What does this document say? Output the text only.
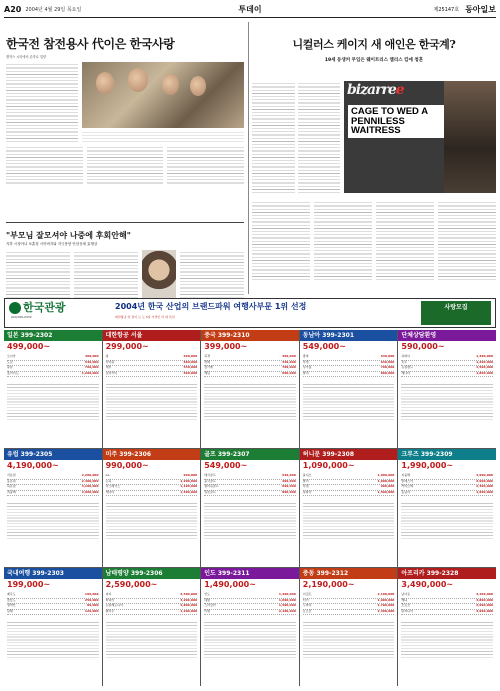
A20 2004년 4월 29일 목요일	투데이	제25147호 동아일보
한국전 참전용사 代이은 한국사랑
캔자스 시티에서 손자로 입양
"부모님 잘모셔야 나중에 후회안해"
지하 시청아나 보훈청 시아버지와 지극봉양 안암상세 효행상
니컬러스 케이지 새 애인은 한국계?
19세 동생커 무입은 웨이트리스 앨리스 킴에 청혼
bizarree
CAGE TO WED A PENNILESS WAITRESS
한국관광
(02)399-2332
2004년 한국 산업의 브랜드파워 여행사부문 1위 선정
대한항공 연 전이 는 도 5록 가격인 덕 대 특선
사랑모집
일본 399-2302
499,000~
오사카	499,000
도쿄	549,000
큐슈	799,000
홋카이도	1,290,000
대한항공 서울
299,000~
괌	599,000
사이판	669,000
세부	540,000
보라카이	699,000
중국 399-2310
399,000~
북경	399,000
상해	449,000
장가계	799,000
계림	690,000
동남아 399-2301
549,000~
방콕	549,000
푸켓	649,000
싱가폴	790,000
발리	890,000
단체상담환영
590,000~
하와이	1,390,000
호주	1,290,000
뉴질랜드	1,590,000
캐나다	1,890,000
유럽 399-2305
4,190,000~
서유럽	2,290,000
동유럽	2,490,000
북유럽	3,190,000
지중해	2,990,000
미주 399-2306
990,000~
LA	990,000
뉴욕	1,290,000
라스베가스	1,190,000
캐나다	1,590,000
골프 399-2307
549,000~
태국골프	549,000
중국골프	499,000
필리핀골프	699,000
일본골프	890,000
허니문 399-2308
1,090,000~
몰디브	1,990,000
발리	1,090,000
푸켓	990,000
하와이	1,590,000
크루즈 399-2309
1,990,000~
지중해	3,990,000
알래스카	2,990,000
카리브해	2,490,000
동남아	1,990,000
국내여행 399-2303
199,000~
제주도	199,000
울릉도	259,000
설악산	99,000
남해	129,000
남태평양 399-2306
2,590,000~
피지	2,590,000
타히티	3,290,000
뉴칼레도니아	2,890,000
팔라우	1,290,000
인도 399-2311
1,490,000~
인도	1,490,000
네팔	1,690,000
스리랑카	1,590,000
티벳	2,190,000
중동 399-2312
2,190,000~
이집트	2,190,000
터키	1,990,000
두바이	1,790,000
요르단	2,390,000
아프리카 399-2328
3,490,000~
남아공	3,490,000
케냐	3,890,000
모로코	2,990,000
탄자니아	3,990,000
